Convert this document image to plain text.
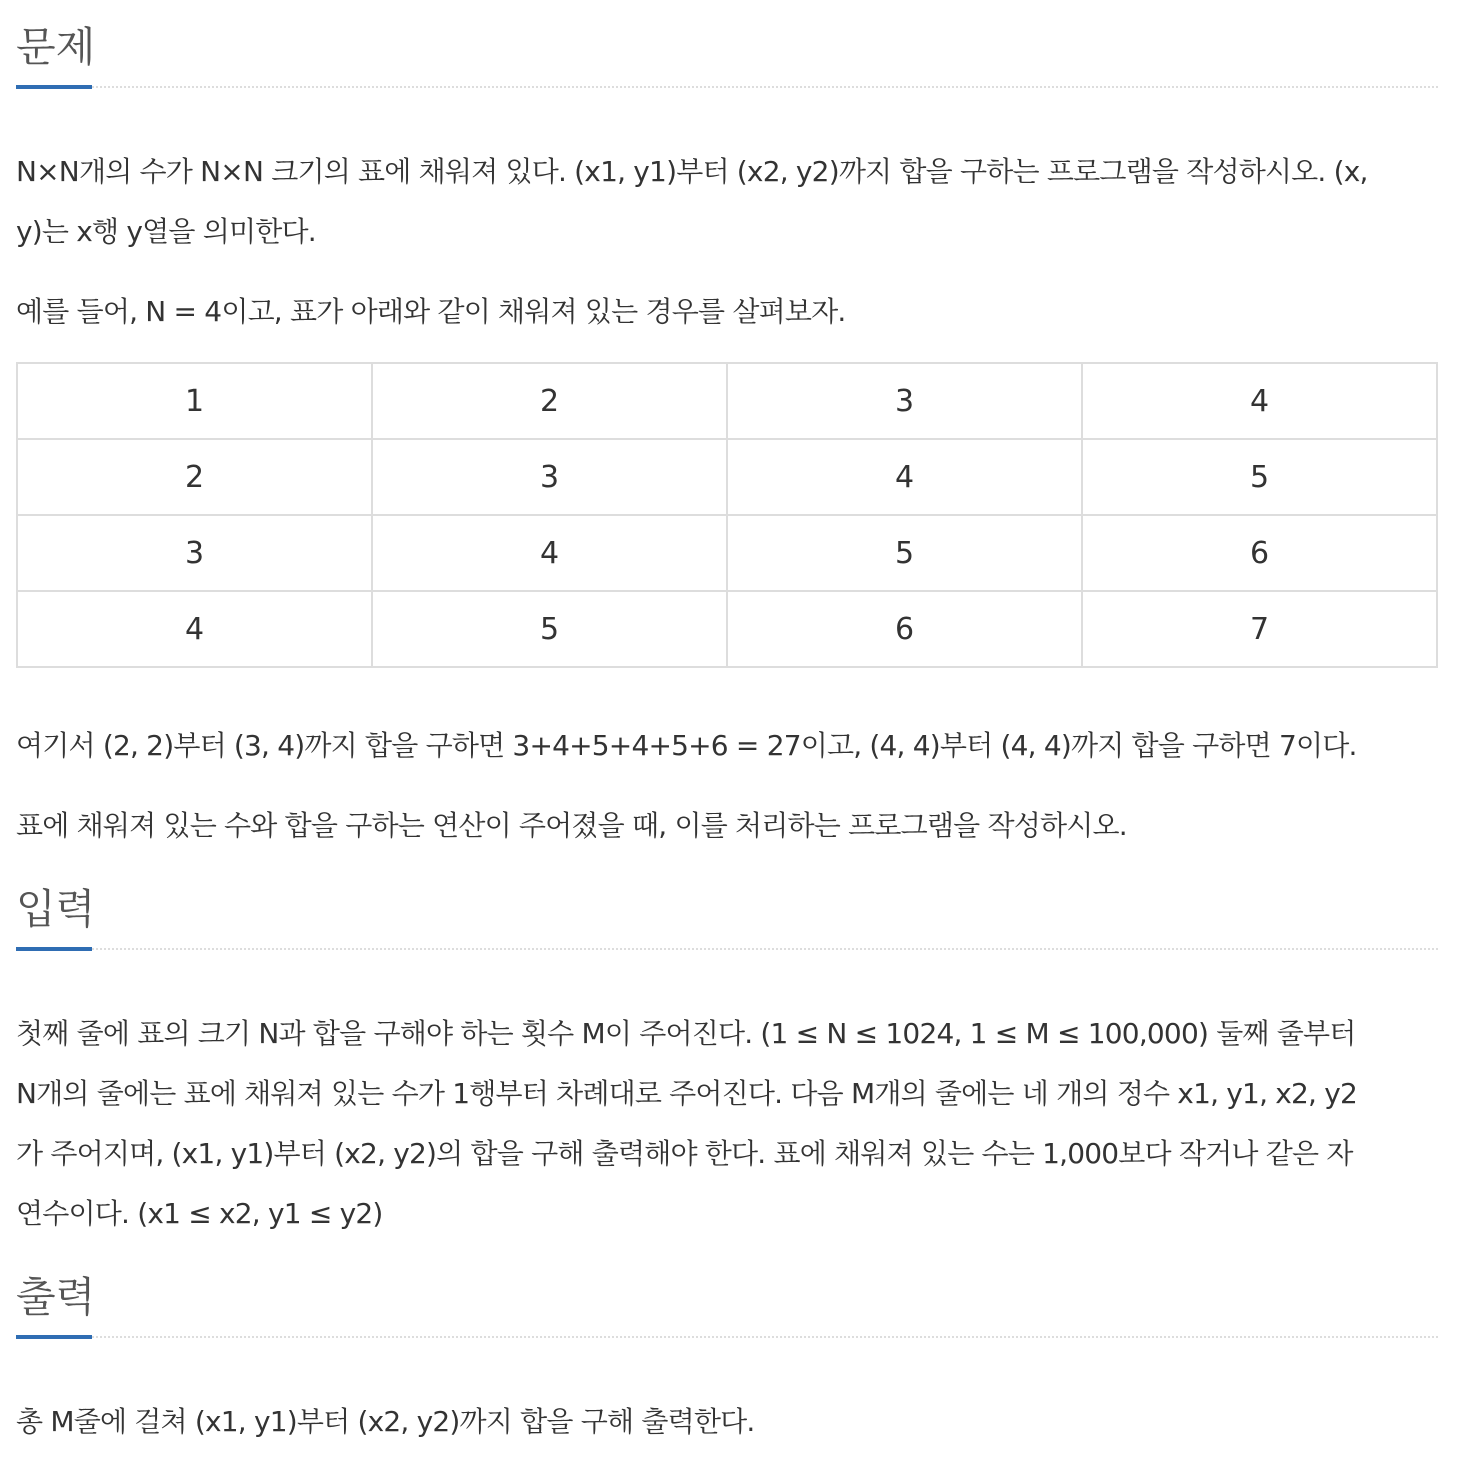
문제

N×N개의 수가 N×N 크기의 표에 채워져 있다. (x1, y1)부터 (x2, y2)까지 합을 구하는 프로그램을 작성하시오. (x,
y)는 x행 y열을 의미한다.

예를 들어, N = 4이고, 표가 아래와 같이 채워져 있는 경우를 살펴보자.

1	2	3	4
2	3	4	5
3	4	5	6
4	5	6	7

여기서 (2, 2)부터 (3, 4)까지 합을 구하면 3+4+5+4+5+6 = 27이고, (4, 4)부터 (4, 4)까지 합을 구하면 7이다.

표에 채워져 있는 수와 합을 구하는 연산이 주어졌을 때, 이를 처리하는 프로그램을 작성하시오.

입력

첫째 줄에 표의 크기 N과 합을 구해야 하는 횟수 M이 주어진다. (1 ≤ N ≤ 1024, 1 ≤ M ≤ 100,000) 둘째 줄부터
N개의 줄에는 표에 채워져 있는 수가 1행부터 차례대로 주어진다. 다음 M개의 줄에는 네 개의 정수 x1, y1, x2, y2
가 주어지며, (x1, y1)부터 (x2, y2)의 합을 구해 출력해야 한다. 표에 채워져 있는 수는 1,000보다 작거나 같은 자
연수이다. (x1 ≤ x2, y1 ≤ y2)

출력

총 M줄에 걸쳐 (x1, y1)부터 (x2, y2)까지 합을 구해 출력한다.
